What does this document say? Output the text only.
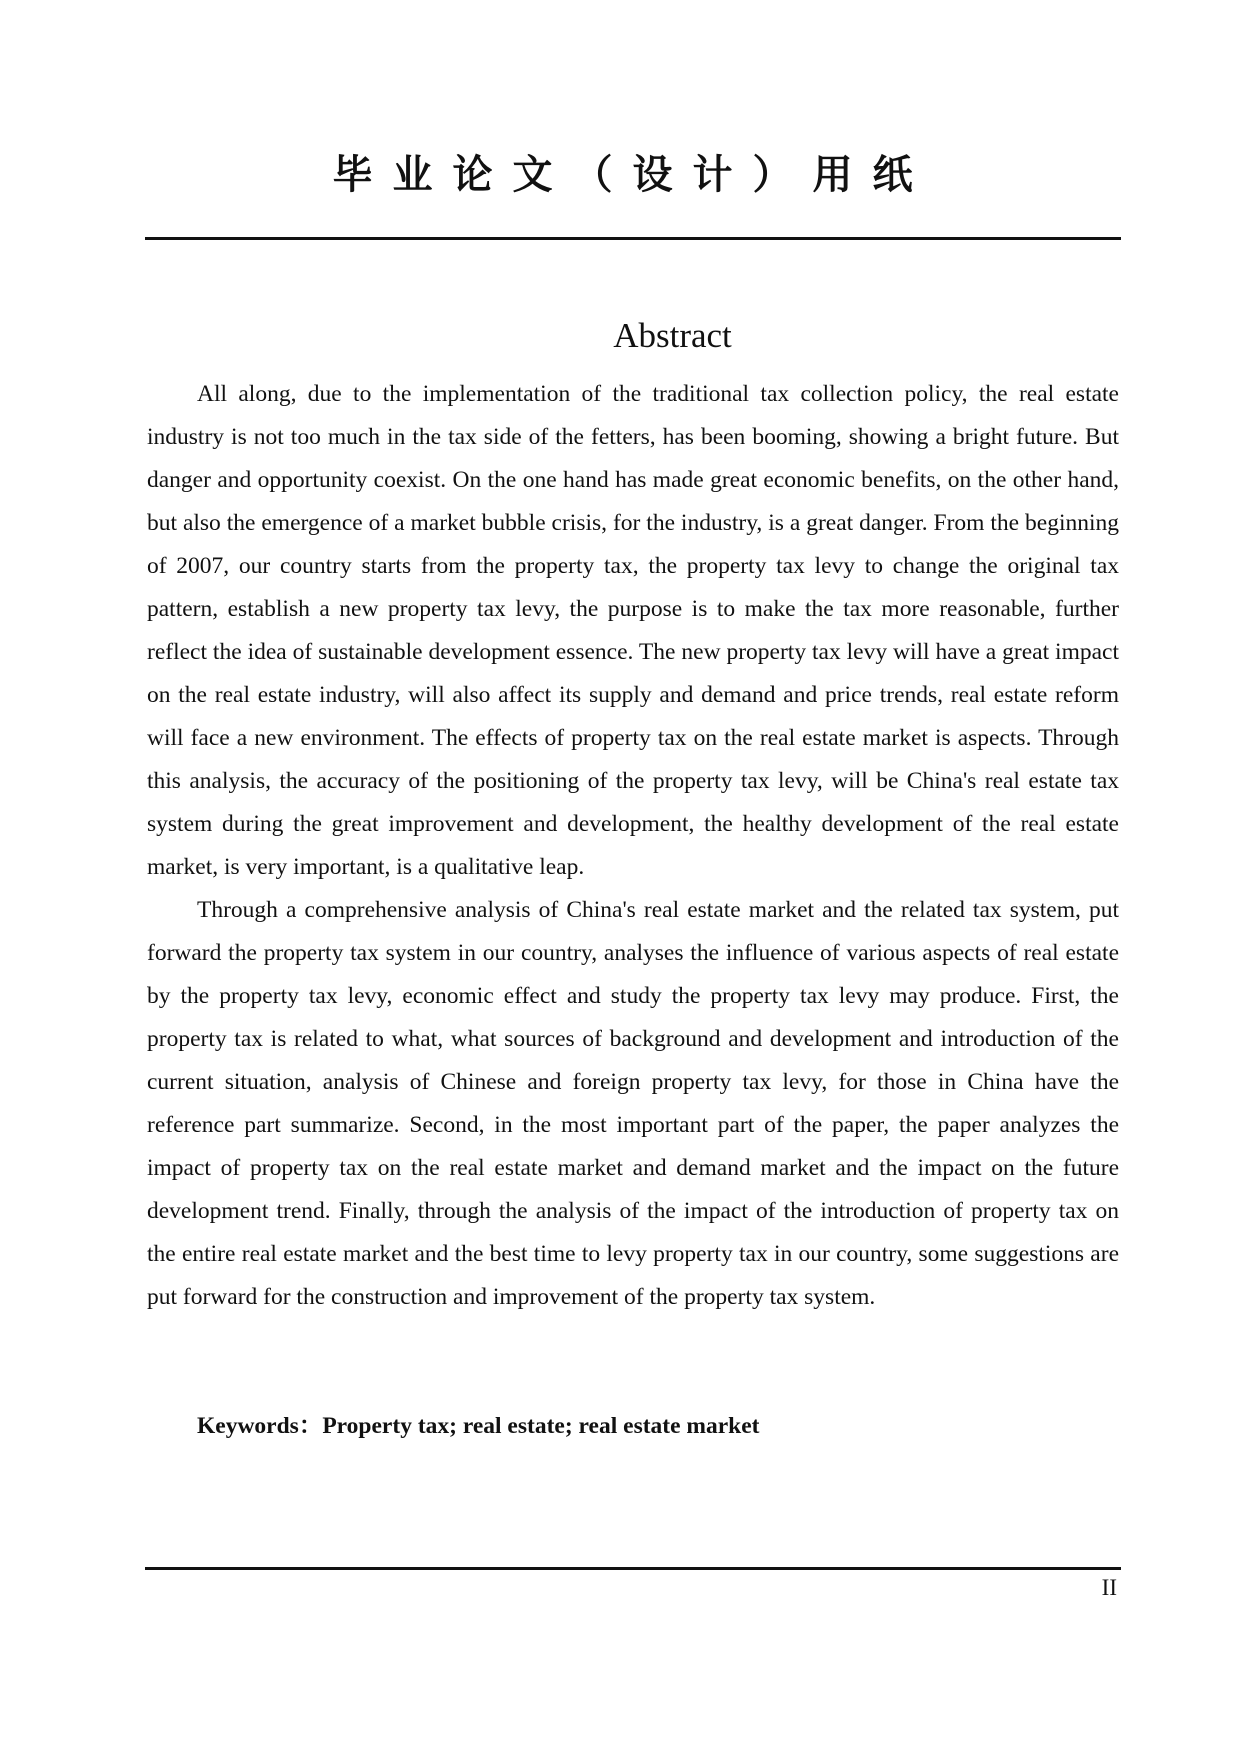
毕业论文（设计）用纸
Abstract

All along, due to the implementation of the traditional tax collection policy, the real estate industry is not too much in the tax side of the fetters, has been booming, showing a bright future. But danger and opportunity coexist. On the one hand has made great economic benefits, on the other hand, but also the emergence of a market bubble crisis, for the industry, is a great danger. From the beginning of 2007, our country starts from the property tax, the property tax levy to change the original tax pattern, establish a new property tax levy, the purpose is to make the tax more reasonable, further reflect the idea of sustainable development essence. The new property tax levy will have a great impact on the real estate industry, will also affect its supply and demand and price trends, real estate reform will face a new environment. The effects of property tax on the real estate market is aspects. Through this analysis, the accuracy of the positioning of the property tax levy, will be China's real estate tax system during the great improvement and development, the healthy development of the real estate market, is very important, is a qualitative leap.

Through a comprehensive analysis of China's real estate market and the related tax system, put forward the property tax system in our country, analyses the influence of various aspects of real estate by the property tax levy, economic effect and study the property tax levy may produce. First, the property tax is related to what, what sources of background and development and introduction of the current situation, analysis of Chinese and foreign property tax levy, for those in China have the reference part summarize. Second, in the most important part of the paper, the paper analyzes the impact of property tax on the real estate market and demand market and the impact on the future development trend. Finally, through the analysis of the impact of the introduction of property tax on the entire real estate market and the best time to levy property tax in our country, some suggestions are put forward for the construction and improvement of the property tax system.

Keywords：Property tax; real estate; real estate market
II
